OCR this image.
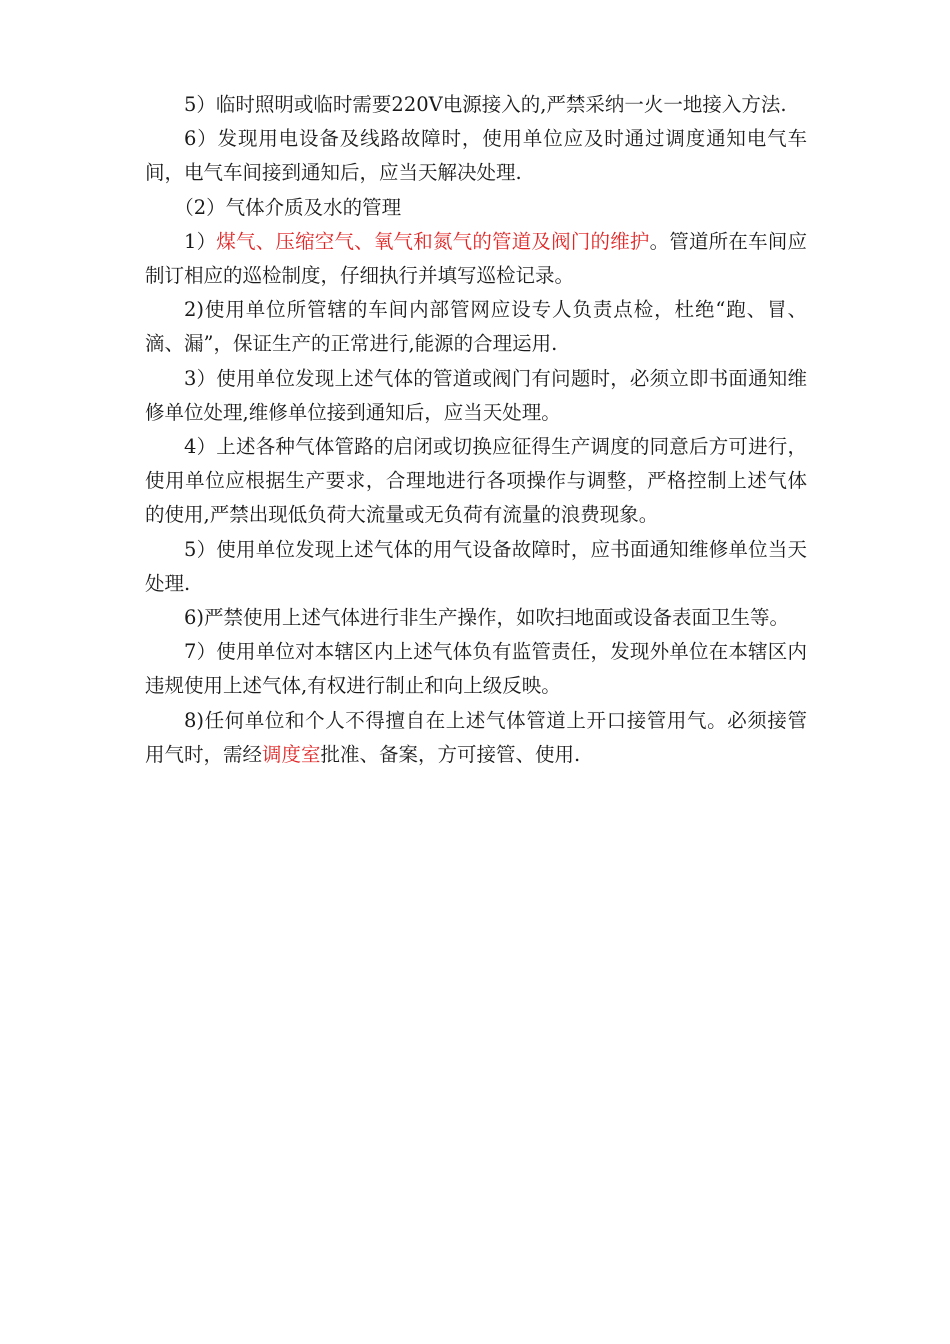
5）临时照明或临时需要220V电源接入的,严禁采纳一火一地接入方法.

6）发现用电设备及线路故障时，使用单位应及时通过调度通知电气车间，电气车间接到通知后，应当天解决处理.

（2）气体介质及水的管理

1）煤气、压缩空气、氧气和氮气的管道及阀门的维护。管道所在车间应制订相应的巡检制度，仔细执行并填写巡检记录。

2)使用单位所管辖的车间内部管网应设专人负责点检，杜绝“跑、冒、滴、漏”，保证生产的正常进行,能源的合理运用.

3）使用单位发现上述气体的管道或阀门有问题时，必须立即书面通知维修单位处理,维修单位接到通知后，应当天处理。

4）上述各种气体管路的启闭或切换应征得生产调度的同意后方可进行，使用单位应根据生产要求，合理地进行各项操作与调整，严格控制上述气体的使用,严禁出现低负荷大流量或无负荷有流量的浪费现象。

5）使用单位发现上述气体的用气设备故障时，应书面通知维修单位当天处理.

6)严禁使用上述气体进行非生产操作，如吹扫地面或设备表面卫生等。

7）使用单位对本辖区内上述气体负有监管责任，发现外单位在本辖区内违规使用上述气体,有权进行制止和向上级反映。

8)任何单位和个人不得擅自在上述气体管道上开口接管用气。必须接管用气时，需经调度室批准、备案，方可接管、使用.
